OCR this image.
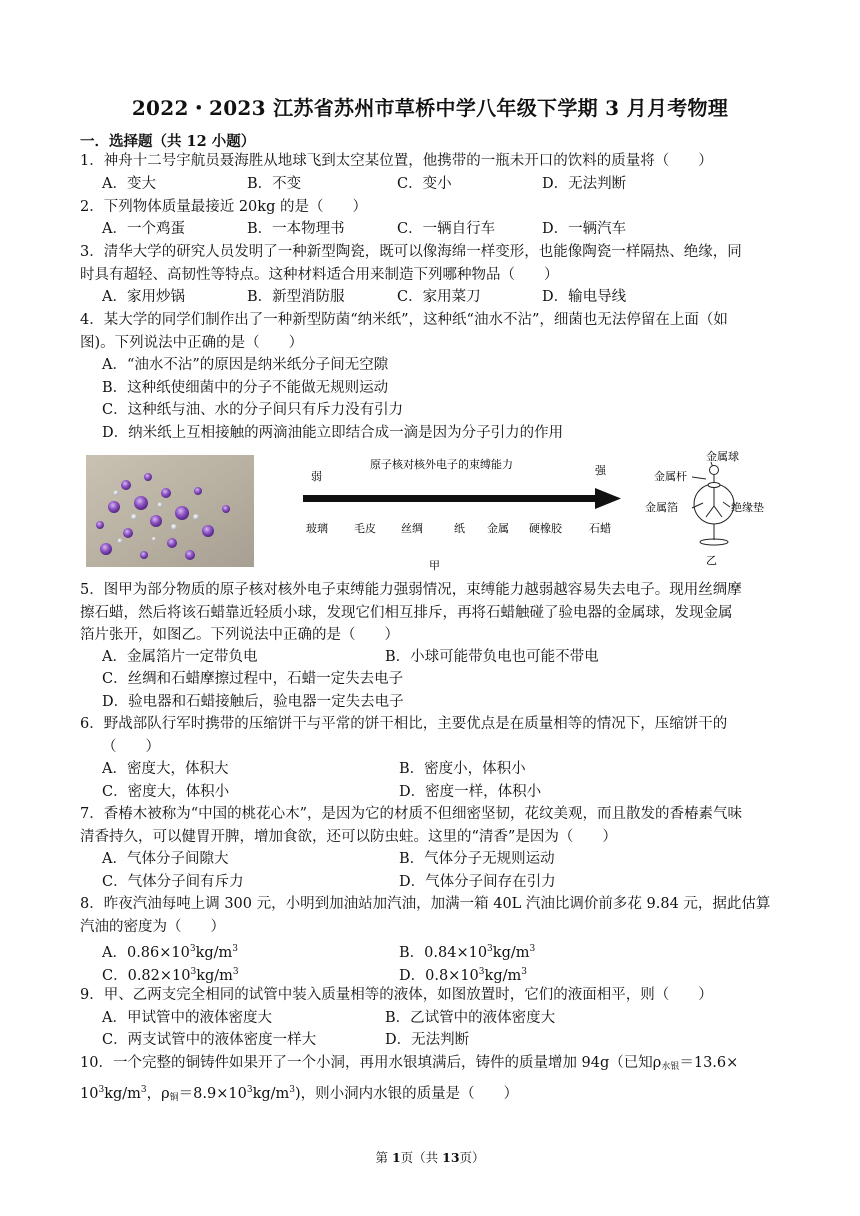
2022・2023 江苏省苏州市草桥中学八年级下学期 3 月月考物理
一．选择题（共 12 小题）
1．神舟十二号宇航员聂海胜从地球飞到太空某位置，他携带的一瓶未开口的饮料的质量将（　　）
A．变大	B．不变	C．变小	D．无法判断
2．下列物体质量最接近 20kg 的是（　　）
A．一个鸡蛋	B．一本物理书	C．一辆自行车	D．一辆汽车
3．清华大学的研究人员发明了一种新型陶瓷，既可以像海绵一样变形，也能像陶瓷一样隔热、绝缘，同
时具有超轻、高韧性等特点。这种材料适合用来制造下列哪种物品（　　）
A．家用炒锅	B．新型消防服	C．家用菜刀	D．输电导线
4．某大学的同学们制作出了一种新型防菌“纳米纸”，这种纸“油水不沾”，细菌也无法停留在上面（如
图)。下列说法中正确的是（　　）
A．“油水不沾”的原因是纳米纸分子间无空隙
B．这种纸使细菌中的分子不能做无规则运动
C．这种纸与油、水的分子间只有斥力没有引力
D．纳米纸上互相接触的两滴油能立即结合成一滴是因为分子引力的作用
弱	强
原子核对核外电子的束缚能力
玻璃 毛皮 丝绸	纸 金属 硬橡胶 石蜡
甲
金属球
金属杆
金属箔	绝缘垫
乙
5．图甲为部分物质的原子核对核外电子束缚能力强弱情况，束缚能力越弱越容易失去电子。现用丝绸摩
擦石蜡，然后将该石蜡靠近轻质小球，发现它们相互排斥，再将石蜡触碰了验电器的金属球，发现金属
箔片张开，如图乙。下列说法中正确的是（　　）
A．金属箔片一定带负电	B．小球可能带负电也可能不带电
C．丝绸和石蜡摩擦过程中，石蜡一定失去电子
D．验电器和石蜡接触后，验电器一定失去电子
6．野战部队行军时携带的压缩饼干与平常的饼干相比，主要优点是在质量相等的情况下，压缩饼干的
（　　）
A．密度大，体积大	B．密度小，体积小
C．密度大，体积小	D．密度一样，体积小
7．香椿木被称为“中国的桃花心木”，是因为它的材质不但细密坚韧，花纹美观，而且散发的香椿素气味
清香持久，可以健胃开脾，增加食欲，还可以防虫蛀。这里的“清香”是因为（　　）
A．气体分子间隙大	B．气体分子无规则运动
C．气体分子间有斥力	D．气体分子间存在引力
8．昨夜汽油每吨上调 300 元，小明到加油站加汽油，加满一箱 40L 汽油比调价前多花 9.84 元，据此估算
汽油的密度为（　　）
A．$0.86\times 10^3kg/m^3$	B．$0.84\times 10^3kg/m^3$
C．$0.82\times 10^3kg/m^3$	D．$0.8\times 10^3kg/m^3$
9．甲、乙两支完全相同的试管中装入质量相等的液体，如图放置时，它们的液面相平，则（　　）
A．甲试管中的液体密度大	B．乙试管中的液体密度大
C．两支试管中的液体密度一样大	D．无法判断
10．一个完整的铜铸件如果开了一个小洞，再用水银填满后，铸件的质量增加 94g（已知$\rho_{水银}=13.6\times$
$10^3kg/m^3$，$\rho_铜=8.9\times 10^3kg/m^3$)，则小洞内水银的质量是（　　）
第 1页（共 13页）
